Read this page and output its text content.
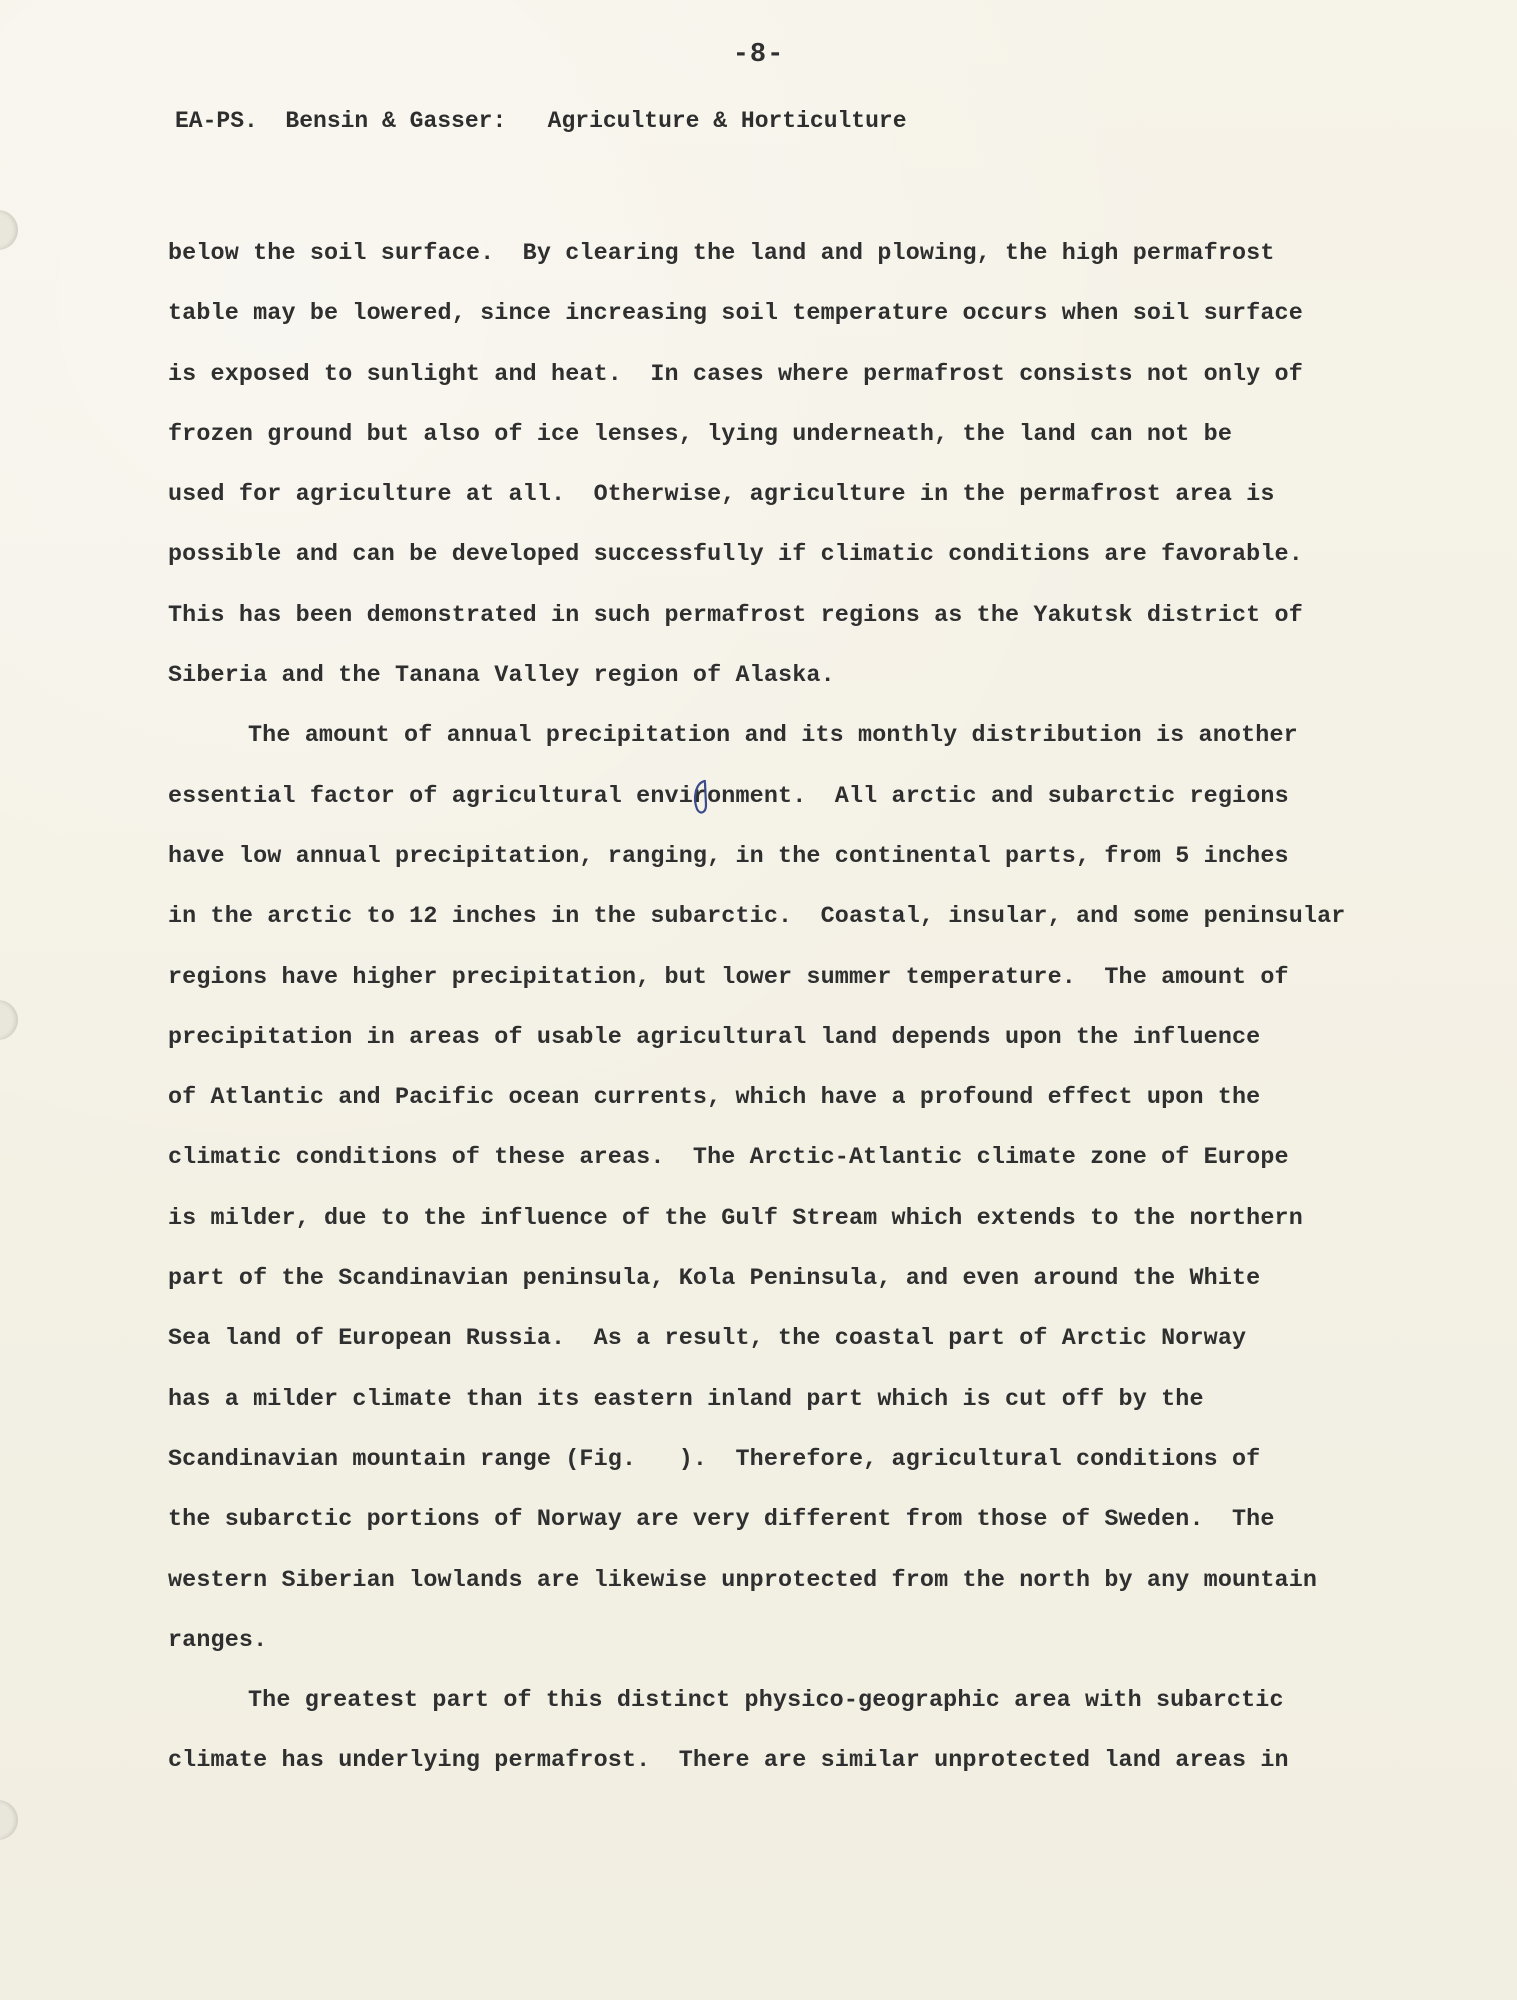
-8-
EA-PS.  Bensin & Gasser:   Agriculture & Horticulture
below the soil surface.  By clearing the land and plowing, the high permafrost
table may be lowered, since increasing soil temperature occurs when soil surface
is exposed to sunlight and heat.  In cases where permafrost consists not only of
frozen ground but also of ice lenses, lying underneath, the land can not be
used for agriculture at all.  Otherwise, agriculture in the permafrost area is
possible and can be developed successfully if climatic conditions are favorable.
This has been demonstrated in such permafrost regions as the Yakutsk district of
Siberia and the Tanana Valley region of Alaska.
The amount of annual precipitation and its monthly distribution is another
essential factor of agricultural enviro
nment.  All arctic and subarctic regions
have low annual precipitation, ranging, in the continental parts, from 5 inches
in the arctic to 12 inches in the subarctic.  Coastal, insular, and some peninsular
regions have higher precipitation, but lower summer temperature.  The amount of
precipitation in areas of usable agricultural land depends upon the influence
of Atlantic and Pacific ocean currents, which have a profound effect upon the
climatic conditions of these areas.  The Arctic-Atlantic climate zone of Europe
is milder, due to the influence of the Gulf Stream which extends to the northern
part of the Scandinavian peninsula, Kola Peninsula, and even around the White
Sea land of European Russia.  As a result, the coastal part of Arctic Norway
has a milder climate than its eastern inland part which is cut off by the
Scandinavian mountain range (Fig.   ).  Therefore, agricultural conditions of
the subarctic portions of Norway are very different from those of Sweden.  The
western Siberian lowlands are likewise unprotected from the north by any mountain
ranges.
The greatest part of this distinct physico-geographic area with subarctic
climate has underlying permafrost.  There are similar unprotected land areas in
